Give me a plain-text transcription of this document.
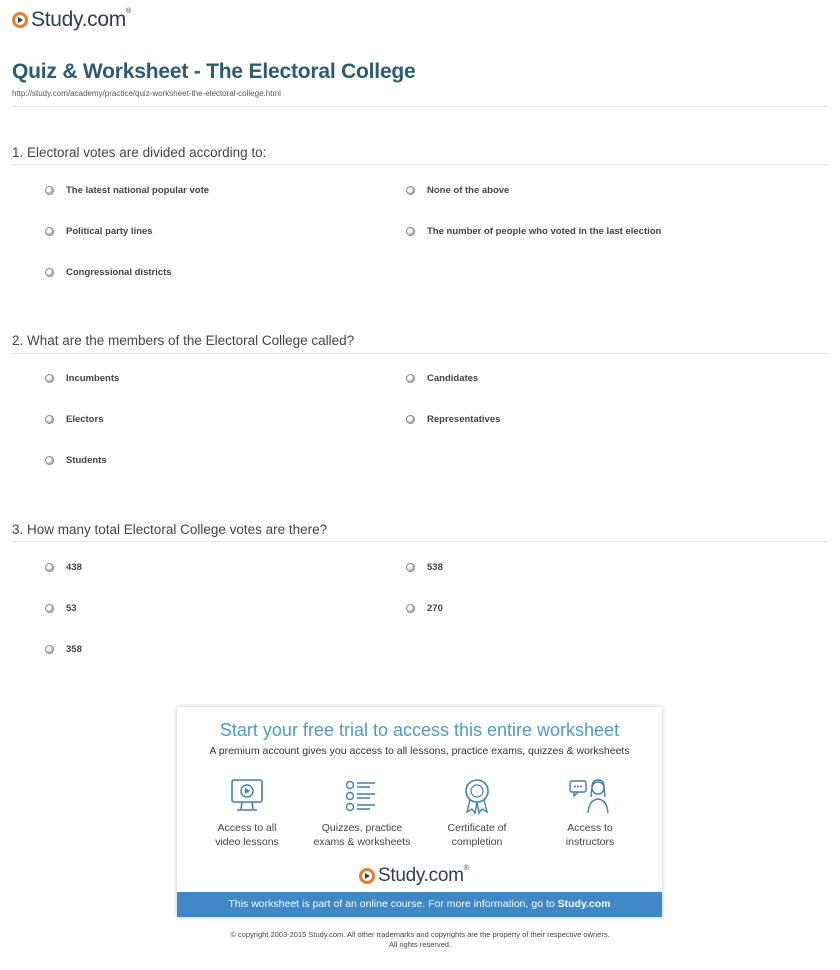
Study.com®
Quiz & Worksheet - The Electoral College
http://study.com/academy/practice/quiz-worksheet-the-electoral-college.html
1. Electoral votes are divided according to:
The latest national popular vote	None of the above
Political party lines	The number of people who voted in the last election
Congressional districts
2. What are the members of the Electoral College called?
Incumbents	Candidates
Electors	Representatives
Students
3. How many total Electoral College votes are there?
438	538
53	270
358
Start your free trial to access this entire worksheet
A premium account gives you access to all lessons, practice exams, quizzes & worksheets
Access to all
video lessons
Quizzes, practice
exams & worksheets
Certificate of
completion
Access to
instructors
Study.com®
This worksheet is part of an online course. For more information, go to Study.com
© copyright 2003-2015 Study.com. All other trademarks and copyrights are the property of their respective owners.
All rights reserved.
